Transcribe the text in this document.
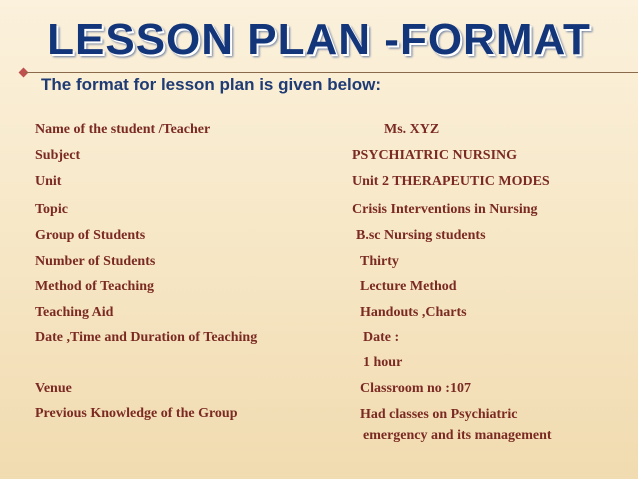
LESSON PLAN -FORMAT
The format for lesson plan is given below:
Name of the student /Teacher	Ms. XYZ
Subject	PSYCHIATRIC NURSING
Unit	Unit 2 THERAPEUTIC MODES
Topic	Crisis Interventions in Nursing
Group of Students	B.sc Nursing students
Number of Students	Thirty
Method of Teaching	Lecture Method
Teaching Aid	Handouts ,Charts
Date ,Time and Duration of Teaching	Date :
1 hour
Venue	Classroom no :107
Previous Knowledge of the Group	Had classes on Psychiatric
emergency and its management
